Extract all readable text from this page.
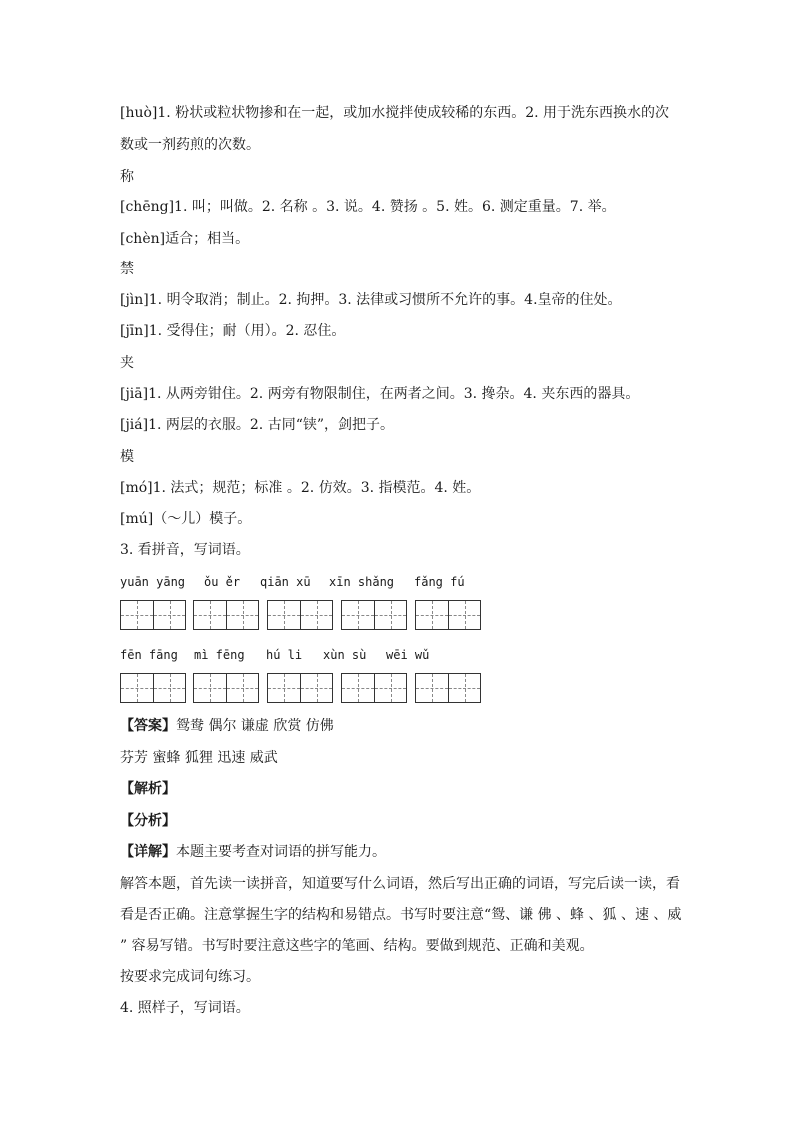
[huò]1. 粉状或粒状物掺和在一起，或加水搅拌使成较稀的东西。2. 用于洗东西换水的次
数或一剂药煎的次数。
称
[chēng]1. 叫；叫做。2. 名称 。3. 说。4. 赞扬 。5. 姓。6. 测定重量。7. 举。
[chèn]适合；相当。
禁
[jìn]1. 明令取消；制止。2. 拘押。3. 法律或习惯所不允许的事。4.皇帝的住处。
[jīn]1. 受得住；耐（用）。2. 忍住。
夹
[jiā]1. 从两旁钳住。2. 两旁有物限制住，在两者之间。3. 搀杂。4. 夹东西的器具。
[jiá]1. 两层的衣服。2. 古同“铗”，剑把子。
模
[mó]1. 法式；规范；标准 。2. 仿效。3. 指模范。4. 姓。
[mú]（～儿）模子。
3. 看拼音，写词语。
yuān yāng ǒu ěr qiān xū xīn shǎng fǎng fú
fēn fāng mì fēng hú li xùn sù wēi wǔ
【答案】鸳鸯 偶尔 谦虚 欣赏 仿佛
芬芳 蜜蜂 狐狸 迅速 威武
【解析】
【分析】
【详解】本题主要考查对词语的拼写能力。
解答本题，首先读一读拼音，知道要写什么词语，然后写出正确的词语，写完后读一读，看
看是否正确。注意掌握生字的结构和易错点。书写时要注意“鸳、谦 佛 、蜂 、狐 、速 、威
” 容易写错。书写时要注意这些字的笔画、结构。要做到规范、正确和美观。
按要求完成词句练习。
4. 照样子，写词语。
